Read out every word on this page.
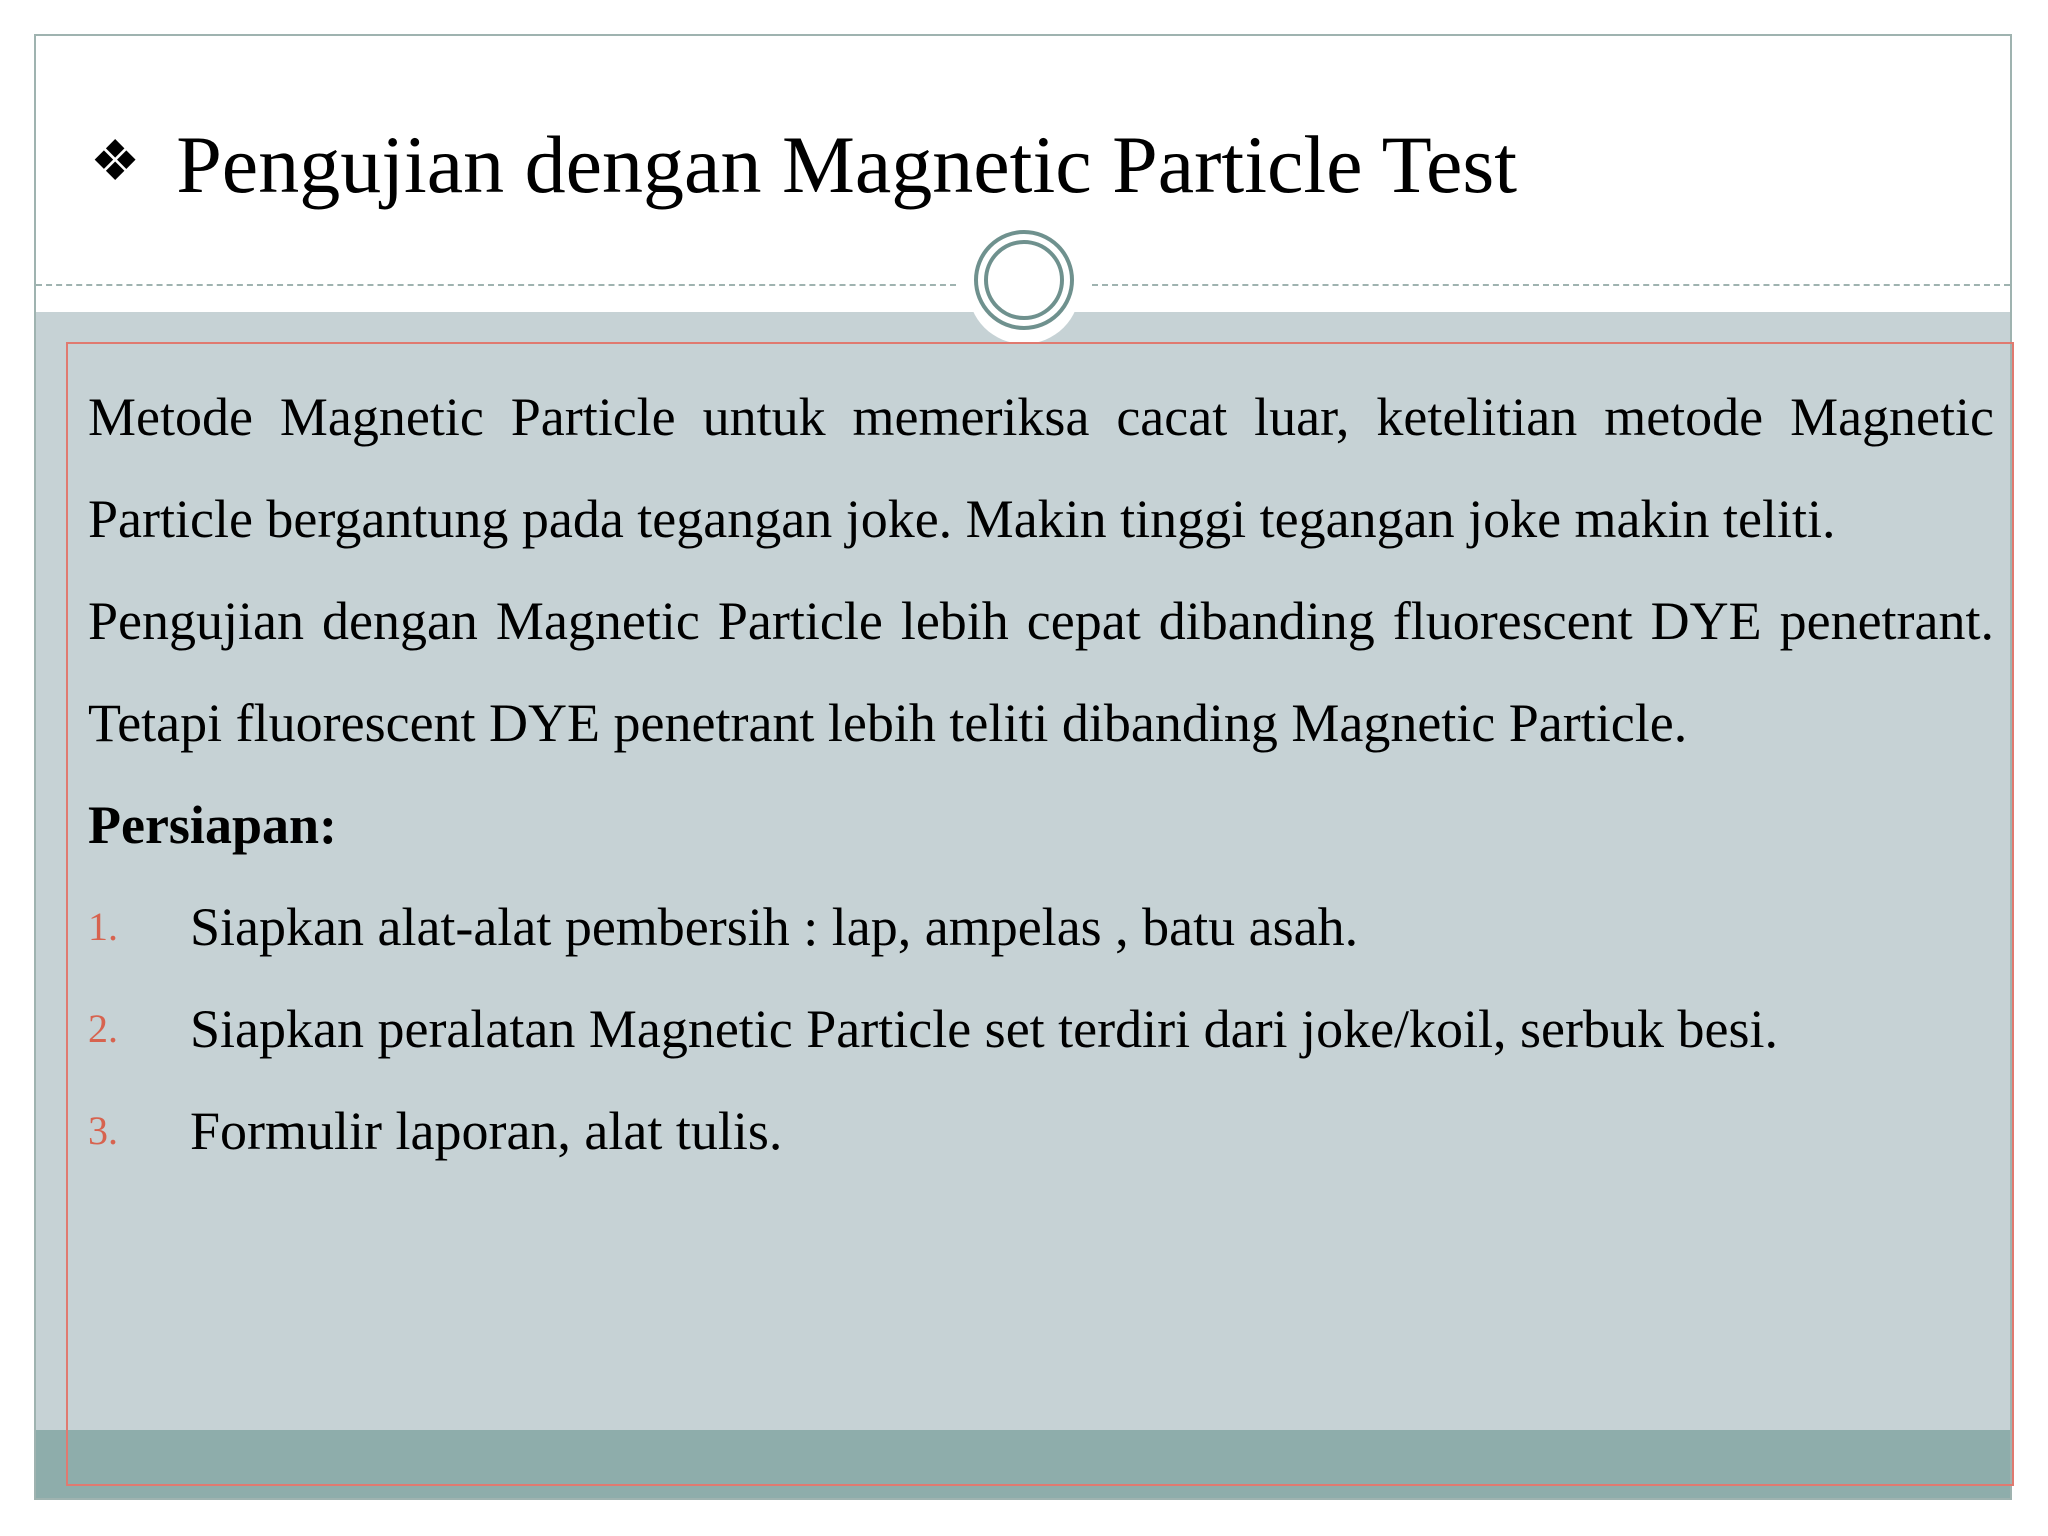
❖ Pengujian dengan Magnetic Particle Test

Metode Magnetic Particle untuk memeriksa cacat luar, ketelitian metode Magnetic Particle bergantung pada tegangan joke. Makin tinggi tegangan joke makin teliti.

Pengujian dengan Magnetic Particle lebih cepat dibanding fluorescent DYE penetrant. Tetapi fluorescent DYE penetrant lebih teliti dibanding Magnetic Particle.

Persiapan:

1. Siapkan alat-alat pembersih : lap, ampelas , batu asah.
2. Siapkan peralatan Magnetic Particle set terdiri dari joke/koil, serbuk besi.
3. Formulir laporan, alat tulis.
